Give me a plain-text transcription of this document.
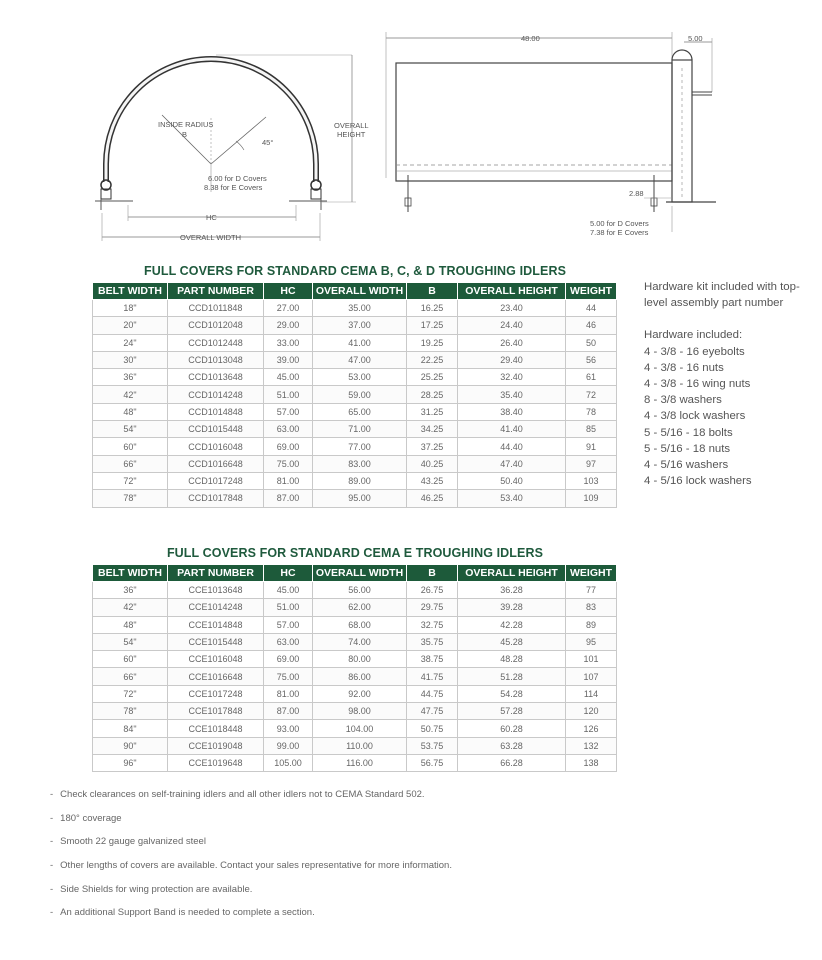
INSIDE RADIUS
B
45°
6.00 for D Covers
8.38 for E Covers
OVERALL
HEIGHT
HC
OVERALL WIDTH
48.00	5.00
2.88
5.00 for D Covers
7.38 for E Covers
FULL COVERS FOR STANDARD CEMA B, C, & D TROUGHING IDLERS
BELT WIDTH	PART NUMBER	HC	OVERALL WIDTH	B	OVERALL HEIGHT	WEIGHT
18"	CCD1011848	27.00	35.00	16.25	23.40	44
20"	CCD1012048	29.00	37.00	17.25	24.40	46
24"	CCD1012448	33.00	41.00	19.25	26.40	50
30"	CCD1013048	39.00	47.00	22.25	29.40	56
36"	CCD1013648	45.00	53.00	25.25	32.40	61
42"	CCD1014248	51.00	59.00	28.25	35.40	72
48"	CCD1014848	57.00	65.00	31.25	38.40	78
54"	CCD1015448	63.00	71.00	34.25	41.40	85
60"	CCD1016048	69.00	77.00	37.25	44.40	91
66"	CCD1016648	75.00	83.00	40.25	47.40	97
72"	CCD1017248	81.00	89.00	43.25	50.40	103
78"	CCD1017848	87.00	95.00	46.25	53.40	109

Hardware kit included with top-level assembly part number

Hardware included:

4 - 3/8 - 16 eyebolts
4 - 3/8 - 16 nuts
4 - 3/8 - 16 wing nuts
8 - 3/8 washers
4 - 3/8 lock washers
5 - 5/16 - 18 bolts
5 - 5/16 - 18 nuts
4 - 5/16 washers
4 - 5/16 lock washers
FULL COVERS FOR STANDARD CEMA E TROUGHING IDLERS
BELT WIDTH	PART NUMBER	HC	OVERALL WIDTH	B	OVERALL HEIGHT	WEIGHT
36"	CCE1013648	45.00	56.00	26.75	36.28	77
42"	CCE1014248	51.00	62.00	29.75	39.28	83
48"	CCE1014848	57.00	68.00	32.75	42.28	89
54"	CCE1015448	63.00	74.00	35.75	45.28	95
60"	CCE1016048	69.00	80.00	38.75	48.28	101
66"	CCE1016648	75.00	86.00	41.75	51.28	107
72"	CCE1017248	81.00	92.00	44.75	54.28	114
78"	CCE1017848	87.00	98.00	47.75	57.28	120
84"	CCE1018448	93.00	104.00	50.75	60.28	126
90"	CCE1019048	99.00	110.00	53.75	63.28	132
96"	CCE1019648	105.00	116.00	56.75	66.28	138
- Check clearances on self-training idlers and all other idlers not to CEMA Standard 502.
- 180° coverage
- Smooth 22 gauge galvanized steel
- Other lengths of covers are available. Contact your sales representative for more information.
- Side Shields for wing protection are available.
- An additional Support Band is needed to complete a section.
